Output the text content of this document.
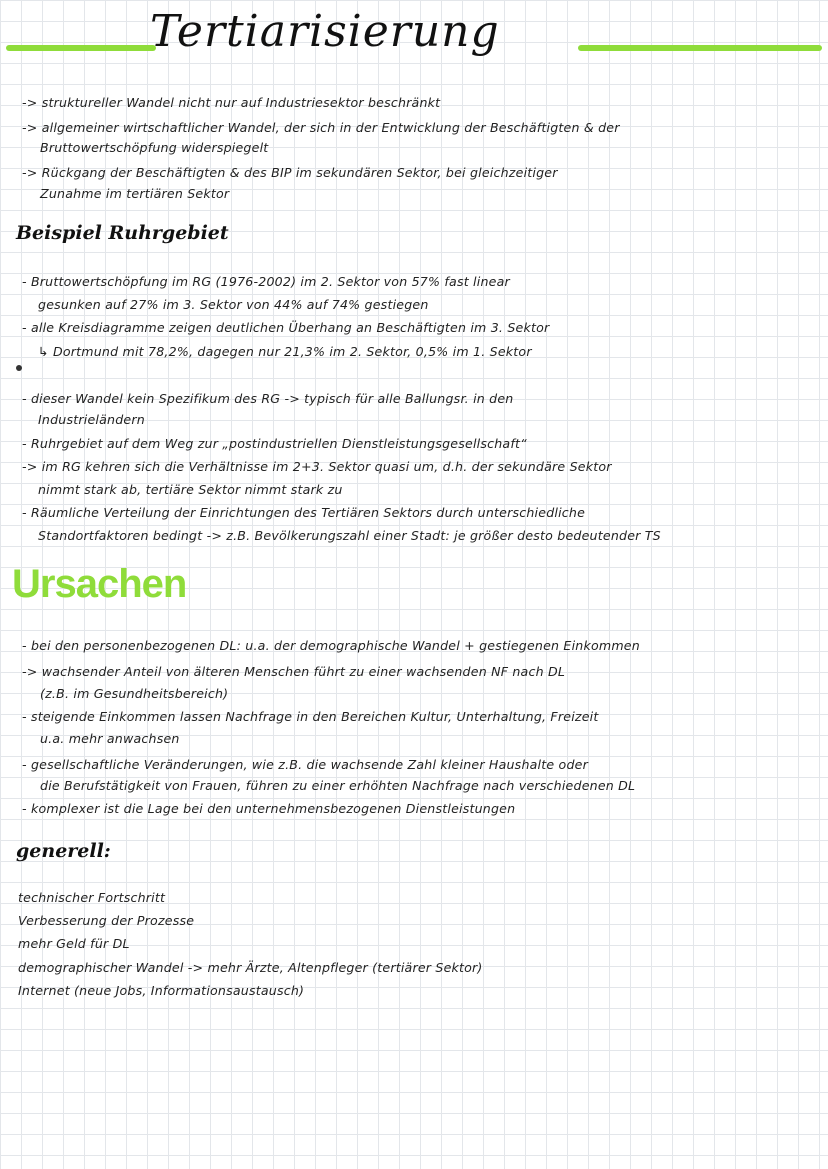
Tertiarisierung
-> struktureller Wandel nicht nur auf Industriesektor beschränkt
-> allgemeiner wirtschaftlicher Wandel, der sich in der Entwicklung der Beschäftigten & der
Bruttowertschöpfung widerspiegelt
-> Rückgang der Beschäftigten & des BIP im sekundären Sektor, bei gleichzeitiger
Zunahme im tertiären Sektor
Beispiel Ruhrgebiet
- Bruttowertschöpfung im RG (1976-2002) im 2. Sektor von 57% fast linear
gesunken auf 27% im 3. Sektor von 44% auf 74% gestiegen
- alle Kreisdiagramme zeigen deutlichen Überhang an Beschäftigten im 3. Sektor
↳ Dortmund mit 78,2%, dagegen nur 21,3% im 2. Sektor, 0,5% im 1. Sektor
- dieser Wandel kein Spezifikum des RG -> typisch für alle Ballungsr. in den
Industrieländern
- Ruhrgebiet auf dem Weg zur „postindustriellen Dienstleistungsgesellschaft“
-> im RG kehren sich die Verhältnisse im 2+3. Sektor quasi um, d.h. der sekundäre Sektor
nimmt stark ab, tertiäre Sektor nimmt stark zu
- Räumliche Verteilung der Einrichtungen des Tertiären Sektors durch unterschiedliche
Standortfaktoren bedingt -> z.B. Bevölkerungszahl einer Stadt: je größer desto bedeutender TS
Ursachen
- bei den personenbezogenen DL: u.a. der demographische Wandel + gestiegenen Einkommen
-> wachsender Anteil von älteren Menschen führt zu einer wachsenden NF nach DL
(z.B. im Gesundheitsbereich)
- steigende Einkommen lassen Nachfrage in den Bereichen Kultur, Unterhaltung, Freizeit
u.a. mehr anwachsen
- gesellschaftliche Veränderungen, wie z.B. die wachsende Zahl kleiner Haushalte oder
die Berufstätigkeit von Frauen, führen zu einer erhöhten Nachfrage nach verschiedenen DL
- komplexer ist die Lage bei den unternehmensbezogenen Dienstleistungen
generell:
technischer Fortschritt
Verbesserung der Prozesse
mehr Geld für DL
demographischer Wandel -> mehr Ärzte, Altenpfleger (tertiärer Sektor)
Internet (neue Jobs, Informationsaustausch)
